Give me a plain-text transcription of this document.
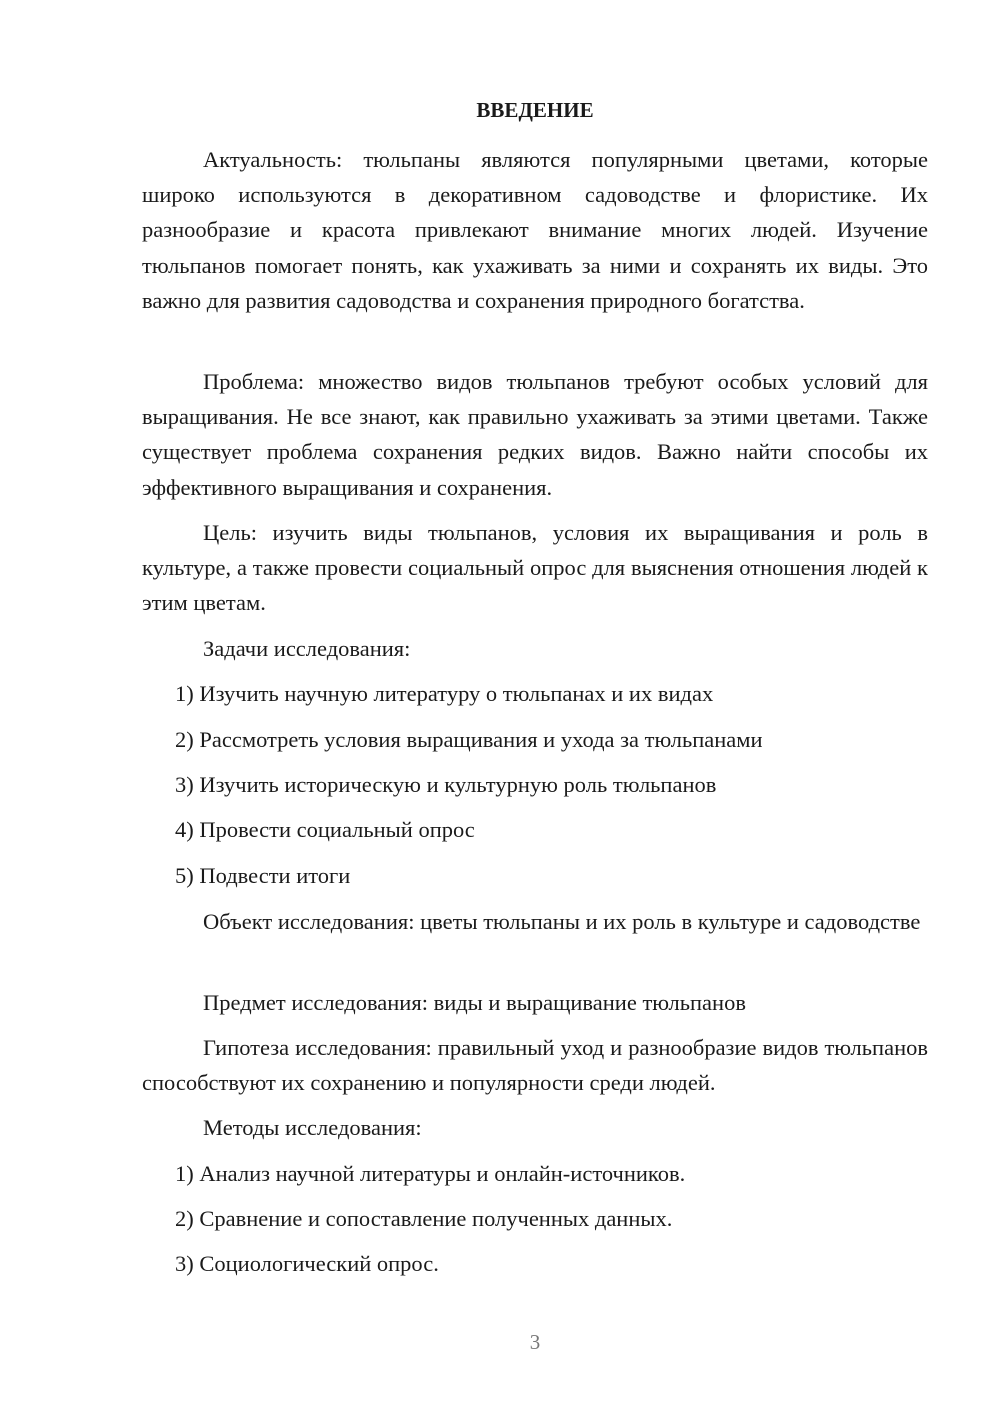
ВВЕДЕНИЕ

Актуальность: тюльпаны являются популярными цветами, которые широко используются в декоративном садоводстве и флористике. Их разнообразие и красота привлекают внимание многих людей. Изучение тюльпанов помогает понять, как ухаживать за ними и сохранять их виды. Это важно для развития садоводства и сохранения природного богатства.

Проблема: множество видов тюльпанов требуют особых условий для выращивания. Не все знают, как правильно ухаживать за этими цветами. Также существует проблема сохранения редких видов. Важно найти способы их эффективного выращивания и сохранения.

Цель: изучить виды тюльпанов, условия их выращивания и роль в культуре, а также провести социальный опрос для выяснения отношения людей к этим цветам.

Задачи исследования:

1) Изучить научную литературу о тюльпанах и их видах

2) Рассмотреть условия выращивания и ухода за тюльпанами

3) Изучить историческую и культурную роль тюльпанов

4) Провести социальный опрос

5) Подвести итоги

Объект исследования: цветы тюльпаны и их роль в культуре и садоводстве

Предмет исследования: виды и выращивание тюльпанов

Гипотеза исследования: правильный уход и разнообразие видов тюльпанов способствуют их сохранению и популярности среди людей.

Методы исследования:

1) Анализ научной литературы и онлайн-источников.

2) Сравнение и сопоставление полученных данных.

3) Социологический опрос.

3
